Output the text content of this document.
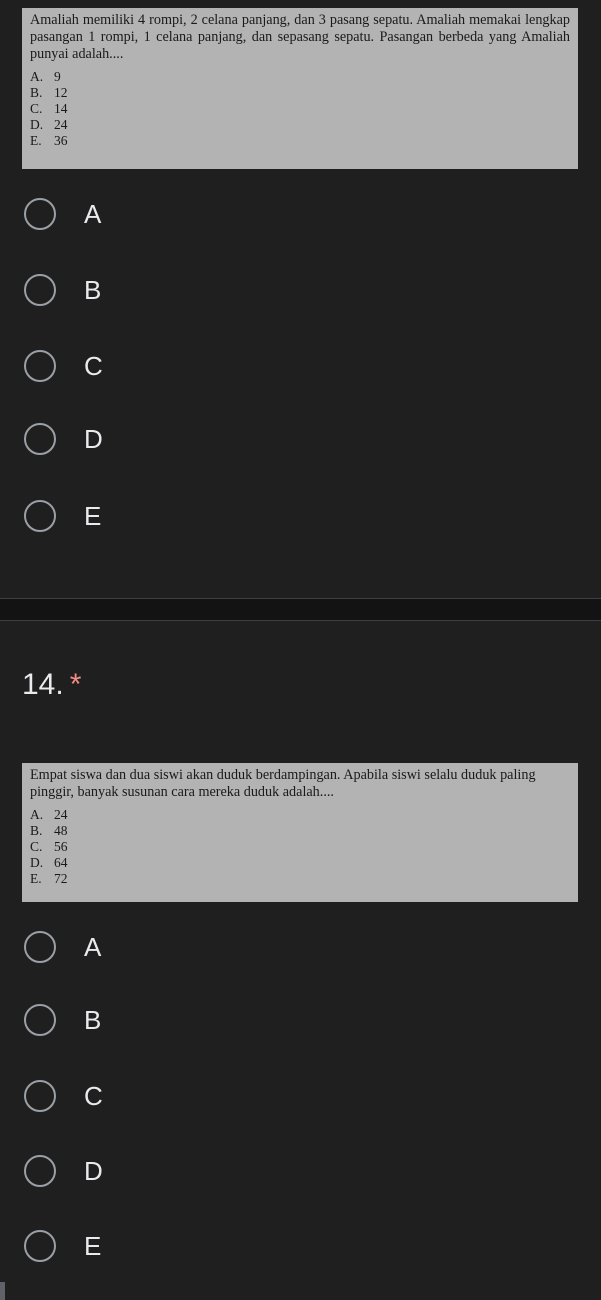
Amaliah memiliki 4 rompi, 2 celana panjang, dan 3 pasang sepatu. Amaliah memakai lengkap pasangan 1 rompi, 1 celana panjang, dan sepasang sepatu. Pasangan berbeda yang Amaliah punyai adalah....

A. 9
B. 12
C. 14
D. 24
E. 36
A
B
C
D
E
14. *

Empat siswa dan dua siswi akan duduk berdampingan. Apabila siswi selalu duduk paling pinggir, banyak susunan cara mereka duduk adalah....

A. 24
B. 48
C. 56
D. 64
E. 72
A
B
C
D
E
